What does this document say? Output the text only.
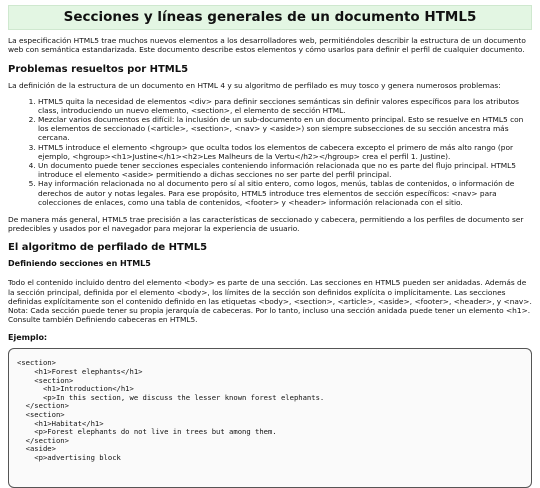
Secciones y líneas generales de un documento HTML5

La especificación HTML5 trae muchos nuevos elementos a los desarrolladores web, permitiéndoles describir la estructura de un documento web con semántica estandarizada. Este documento describe estos elementos y cómo usarlos para definir el perfil de cualquier documento.

Problemas resueltos por HTML5

La definición de la estructura de un documento en HTML 4 y su algoritmo de perfilado es muy tosco y genera numerosos problemas:

1. HTML5 quita la necesidad de elementos <div> para definir secciones semánticas sin definir valores específicos para los atributos class, introduciendo un nuevo elemento, <section>, el elemento de sección HTML.
2. Mezclar varios documentos es difícil: la inclusión de un sub-documento en un documento principal. Esto se resuelve en HTML5 con los elementos de seccionado (<article>, <section>, <nav> y <aside>) son siempre subsecciones de su sección ancestra más cercana.
3. HTML5 introduce el elemento <hgroup> que oculta todos los elementos de cabecera excepto el primero de más alto rango (por ejemplo, <hgroup><h1>Justine</h1><h2>Les Malheurs de la Vertu</h2></hgroup> crea el perfil 1. Justine).
4. Un documento puede tener secciones especiales conteniendo información relacionada que no es parte del flujo principal. HTML5 introduce el elemento <aside> permitiendo a dichas secciones no ser parte del perfil principal.
5. Hay información relacionada no al documento pero sí al sitio entero, como logos, menús, tablas de contenidos, o información de derechos de autor y notas legales. Para ese propósito, HTML5 introduce tres elementos de sección específicos: <nav> para colecciones de enlaces, como una tabla de contenidos, <footer> y <header> información relacionada con el sitio.

De manera más general, HTML5 trae precisión a las características de seccionado y cabecera, permitiendo a los perfiles de documento ser predecibles y usados por el navegador para mejorar la experiencia de usuario.

El algoritmo de perfilado de HTML5
Definiendo secciones en HTML5

Todo el contenido incluido dentro del elemento <body> es parte de una sección. Las secciones en HTML5 pueden ser anidadas. Además de la sección principal, definida por el elemento <body>, los límites de la sección son definidos explícita o implícitamente. Las secciones definidas explícitamente son el contenido definido en las etiquetas <body>, <section>, <article>, <aside>, <footer>, <header>, y <nav>. Nota: Cada sección puede tener su propia jerarquía de cabeceras. Por lo tanto, incluso una sección anidada puede tener un elemento <h1>. Consulte también Definiendo cabeceras en HTML5.

Ejemplo:
<section>
<h1>Forest elephants</h1>
<section>
<h1>Introduction</h1>
<p>In this section, we discuss the lesser known forest elephants.
</section>
<section>
<h1>Habitat</h1>
<p>Forest elephants do not live in trees but among them.
</section>
<aside>
<p>advertising block
